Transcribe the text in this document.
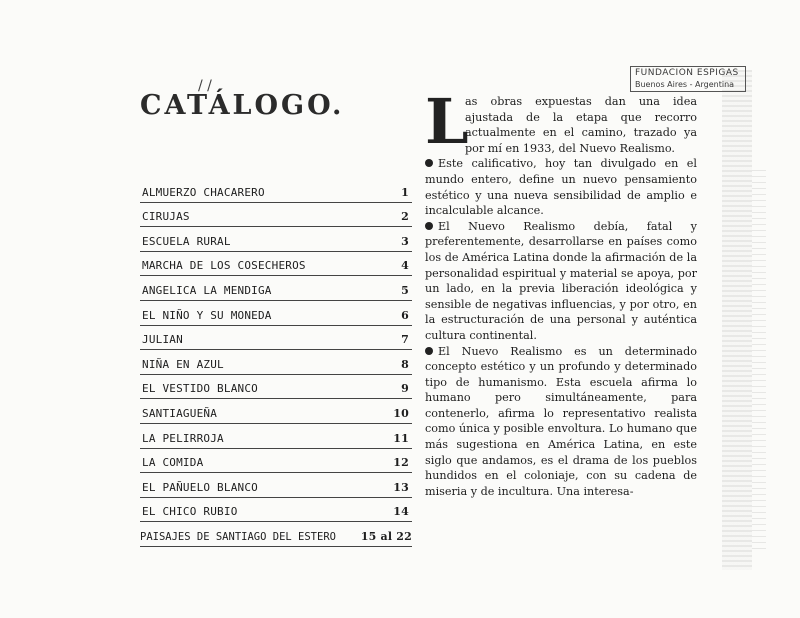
FUNDACION ESPIGAS
Buenos Aires - Argentina
/ /
CATÁLOGO.
ALMUERZO CHACARERO	1
CIRUJAS	2
ESCUELA RURAL	3
MARCHA DE LOS COSECHEROS	4
ANGELICA LA MENDIGA	5
EL NIÑO Y SU MONEDA	6
JULIAN	7
NIÑA EN AZUL	8
EL VESTIDO BLANCO	9
SANTIAGUEÑA	10
LA PELIRROJA	11
LA COMIDA	12
EL PAÑUELO BLANCO	13
EL CHICO RUBIO	14
PAISAJES DE SANTIAGO DEL ESTERO 15 al 22

L
as obras expuestas dan una idea ajustada de la etapa que recorro actualmente en el camino, trazado ya por mí en 1933, del Nuevo Realismo.

Este calificativo, hoy tan divulgado en el mundo entero, define un nuevo pensamiento estético y una nueva sensibilidad de amplio e incalculable alcance.

El Nuevo Realismo debía, fatal y preferentemente, desarrollarse en países como los de América Latina donde la afirmación de la personalidad espiritual y material se apoya, por un lado, en la previa liberación ideológica y sensible de negativas influencias, y por otro, en la estructuración de una personal y auténtica cultura continental.

El Nuevo Realismo es un determinado concepto estético y un profundo y determinado tipo de humanismo. Esta escuela afirma lo humano pero simultáneamente, para contenerlo, afirma lo representativo realista como única y posible envoltura. Lo humano que más sugestiona en América Latina, en este siglo que andamos, es el drama de los pueblos hundidos en el coloniaje, con su cadena de miseria y de incultura. Una interesa-
